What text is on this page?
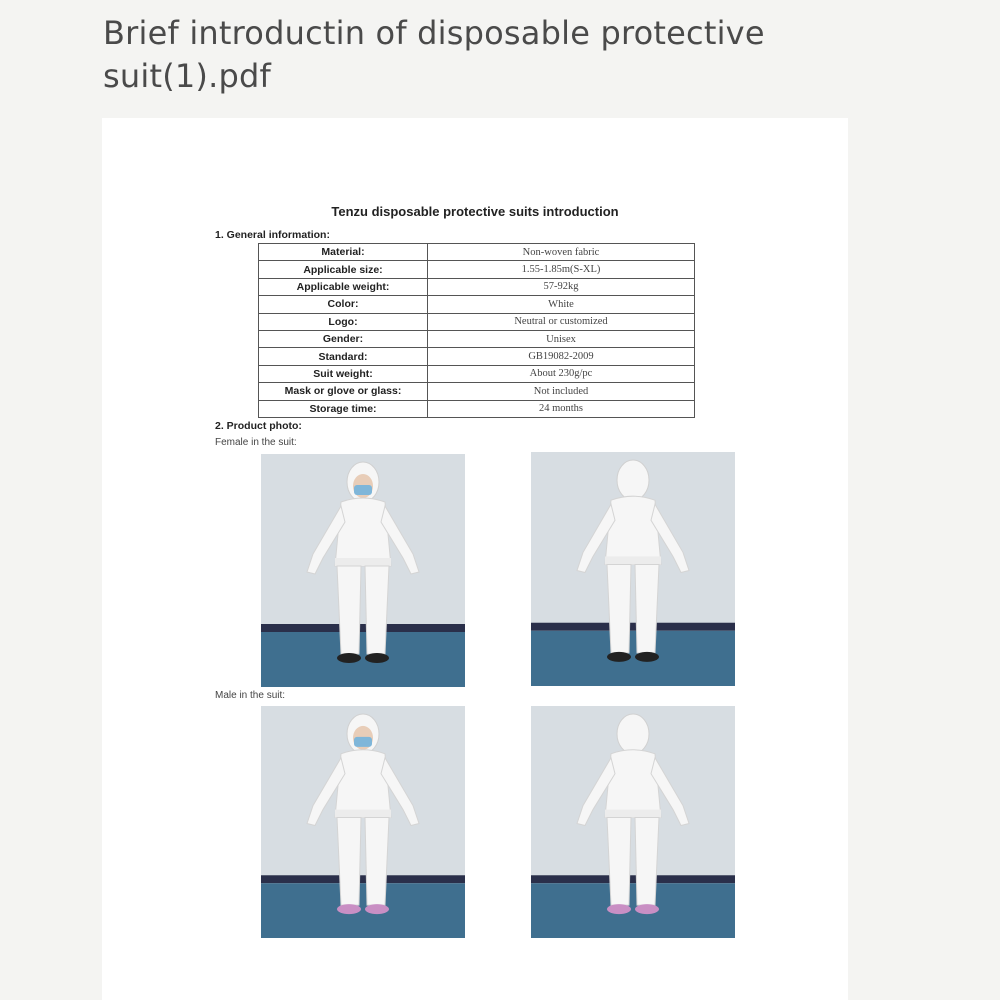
Brief introductin of disposable protective suit(1).pdf
Tenzu disposable protective suits introduction
1. General information:
Material:	Non-woven fabric
Applicable size:	1.55-1.85m(S-XL)
Applicable weight:	57-92kg
Color:	White
Logo:	Neutral or customized
Gender:	Unisex
Standard:	GB19082-2009
Suit weight:	About 230g/pc
Mask or glove or glass:	Not included
Storage time:	24 months
2. Product photo:
Female in the suit:
Male in the suit:
